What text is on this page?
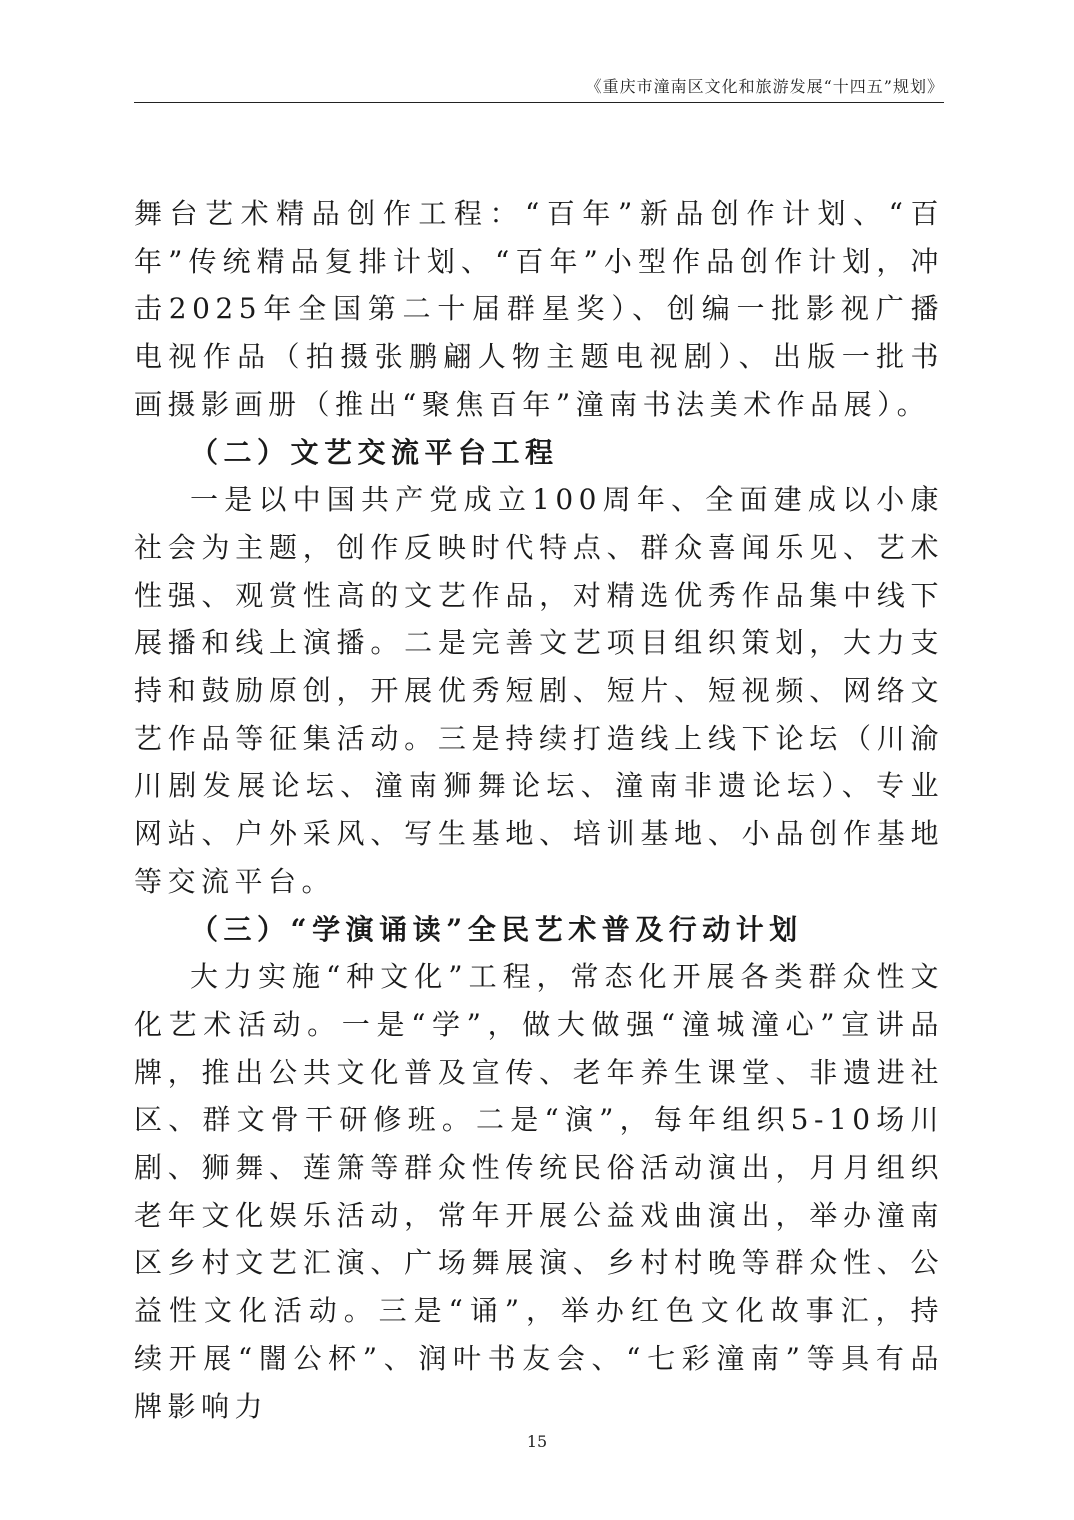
《重庆市潼南区文化和旅游发展“十四五”规划》

舞台艺术精品创作工程：“百年”新品创作计划、“百年”传统精品复排计划、“百年”小型作品创作计划，冲击2025年全国第二十届群星奖）、创编一批影视广播电视作品（拍摄张鹏翩人物主题电视剧）、出版一批书画摄影画册（推出“聚焦百年”潼南书法美术作品展）。

（二）文艺交流平台工程

一是以中国共产党成立100周年、全面建成以小康社会为主题，创作反映时代特点、群众喜闻乐见、艺术性强、观赏性高的文艺作品，对精选优秀作品集中线下展播和线上演播。二是完善文艺项目组织策划，大力支持和鼓励原创，开展优秀短剧、短片、短视频、网络文艺作品等征集活动。三是持续打造线上线下论坛（川渝川剧发展论坛、潼南狮舞论坛、潼南非遗论坛）、专业网站、户外采风、写生基地、培训基地、小品创作基地等交流平台。

（三）“学演诵读”全民艺术普及行动计划

大力实施“种文化”工程，常态化开展各类群众性文化艺术活动。一是“学”，做大做强“潼城潼心”宣讲品牌，推出公共文化普及宣传、老年养生课堂、非遗进社区、群文骨干研修班。二是“演”，每年组织5-10场川剧、狮舞、莲箫等群众性传统民俗活动演出，月月组织老年文化娱乐活动，常年开展公益戏曲演出，举办潼南区乡村文艺汇演、广场舞展演、乡村村晚等群众性、公益性文化活动。三是“诵”，举办红色文化故事汇，持续开展“闇公杯”、润叶书友会、“七彩潼南”等具有品牌影响力

15
